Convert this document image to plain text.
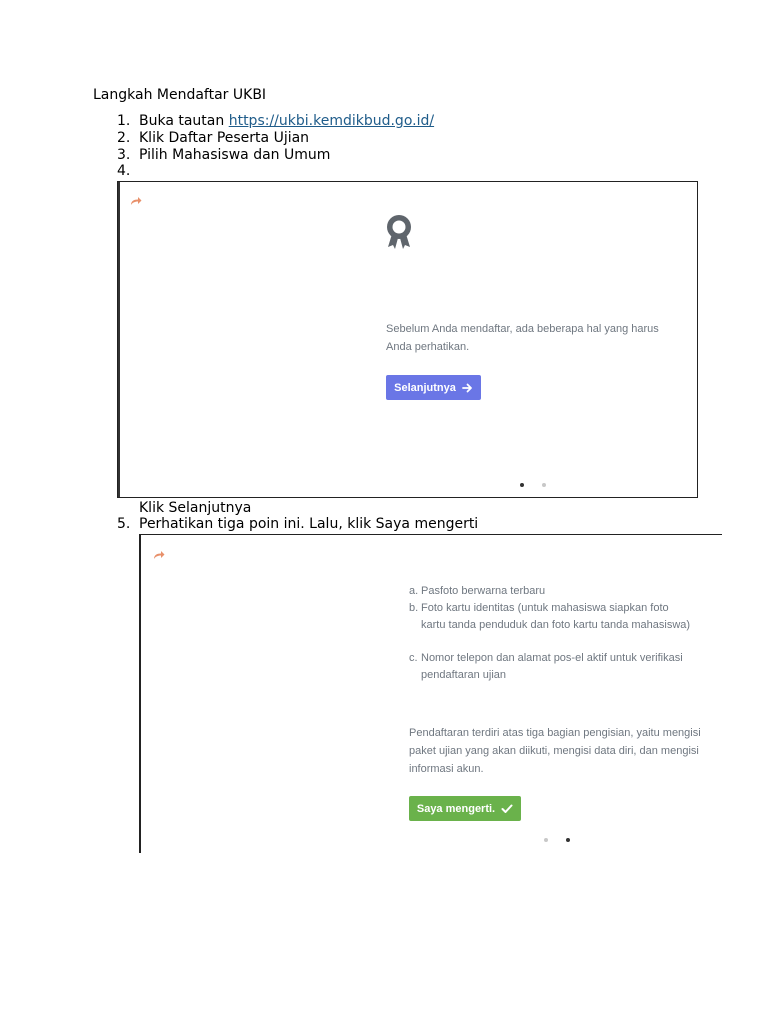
Langkah Mendaftar UKBI
1. Buka tautan https://ukbi.kemdikbud.go.id/
2. Klik Daftar Peserta Ujian
3. Pilih Mahasiswa dan Umum
4.
Sebelum Anda mendaftar, ada beberapa hal yang harus
Anda perhatikan.
Selanjutnya
Klik Selanjutnya
5. Perhatikan tiga poin ini. Lalu, klik Saya mengerti
a. Pasfoto berwarna terbaru
b. Foto kartu identitas (untuk mahasiswa siapkan foto kartu tanda penduduk dan foto kartu tanda mahasiswa)
c. Nomor telepon dan alamat pos-el aktif untuk verifikasi pendaftaran ujian
Pendaftaran terdiri atas tiga bagian pengisian, yaitu mengisi paket ujian yang akan diikuti, mengisi data diri, dan mengisi informasi akun.
Saya mengerti.
